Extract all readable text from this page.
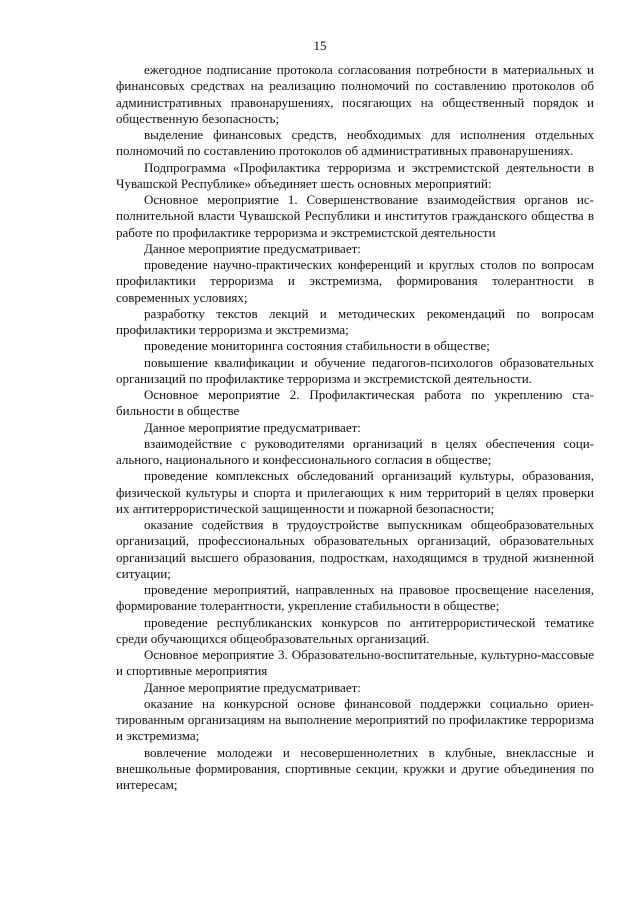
15

ежегодное подписание протокола согласования потребности в материальных и финансовых средствах на реализацию полномочий по составлению протоколов об административных правонарушениях, посягающих на общественный порядок и общественную безопасность;

выделение финансовых средств, необходимых для исполнения отдельных полномочий по составлению протоколов об административных правонарушениях.

Подпрограмма «Профилактика терроризма и экстремистской деятельности в Чувашской Республике» объединяет шесть основных мероприятий:

Основное мероприятие 1. Совершенствование взаимодействия органов исполнительной власти Чувашской Республики и институтов гражданского общества в работе по профилактике терроризма и экстремистской деятельности

Данное мероприятие предусматривает:

проведение научно-практических конференций и круглых столов по вопросам профилактики терроризма и экстремизма, формирования толерантности в современных условиях;

разработку текстов лекций и методических рекомендаций по вопросам профилактики терроризма и экстремизма;

проведение мониторинга состояния стабильности в обществе;

повышение квалификации и обучение педагогов-психологов образовательных организаций по профилактике терроризма и экстремистской деятельности.

Основное мероприятие 2. Профилактическая работа по укреплению стабильности в обществе

Данное мероприятие предусматривает:

взаимодействие с руководителями организаций в целях обеспечения социального, национального и конфессионального согласия в обществе;

проведение комплексных обследований организаций культуры, образования, физической культуры и спорта и прилегающих к ним территорий в целях проверки их антитеррористической защищенности и пожарной безопасности;

оказание содействия в трудоустройстве выпускникам общеобразовательных организаций, профессиональных образовательных организаций, образовательных организаций высшего образования, подросткам, находящимся в трудной жизненной ситуации;

проведение мероприятий, направленных на правовое просвещение населения, формирование толерантности, укрепление стабильности в обществе;

проведение республиканских конкурсов по антитеррористической тематике среди обучающихся общеобразовательных организаций.

Основное мероприятие 3. Образовательно-воспитательные, культурно-массовые и спортивные мероприятия

Данное мероприятие предусматривает:

оказание на конкурсной основе финансовой поддержки социально ориентированным организациям на выполнение мероприятий по профилактике терроризма и экстремизма;

вовлечение молодежи и несовершеннолетних в клубные, внеклассные и внешкольные формирования, спортивные секции, кружки и другие объединения по интересам;
